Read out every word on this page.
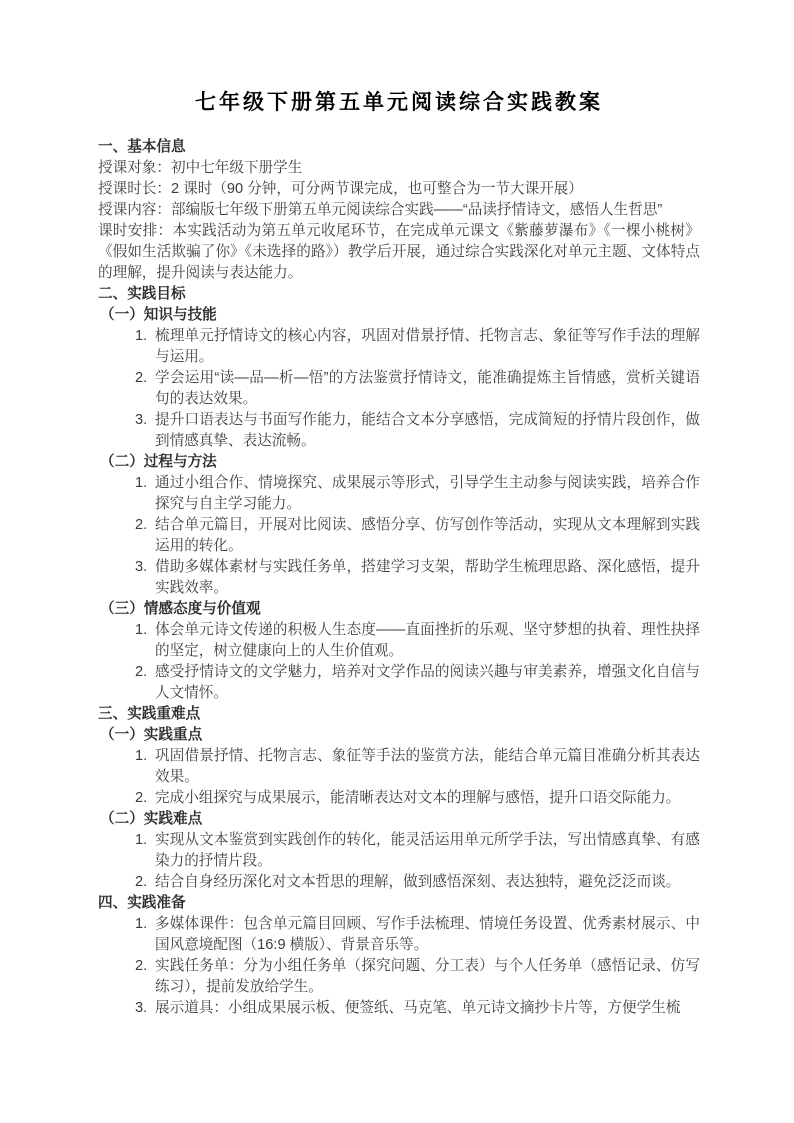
七年级下册第五单元阅读综合实践教案
一、基本信息

授课对象：初中七年级下册学生

授课时长：2 课时（90 分钟，可分两节课完成，也可整合为一节大课开展）

授课内容：部编版七年级下册第五单元阅读综合实践——“品读抒情诗文，感悟人生哲思”

课时安排：本实践活动为第五单元收尾环节，在完成单元课文《紫藤萝瀑布》《一棵小桃树》《假如生活欺骗了你》《未选择的路》）教学后开展，通过综合实践深化对单元主题、文体特点的理解，提升阅读与表达能力。

二、实践目标
（一）知识与技能
1. 梳理单元抒情诗文的核心内容，巩固对借景抒情、托物言志、象征等写作手法的理解与运用。
2. 学会运用“读—品—析—悟”的方法鉴赏抒情诗文，能准确提炼主旨情感，赏析关键语句的表达效果。
3. 提升口语表达与书面写作能力，能结合文本分享感悟，完成简短的抒情片段创作，做到情感真挚、表达流畅。
（二）过程与方法
1. 通过小组合作、情境探究、成果展示等形式，引导学生主动参与阅读实践，培养合作探究与自主学习能力。
2. 结合单元篇目，开展对比阅读、感悟分享、仿写创作等活动，实现从文本理解到实践运用的转化。
3. 借助多媒体素材与实践任务单，搭建学习支架，帮助学生梳理思路、深化感悟，提升实践效率。
（三）情感态度与价值观
1. 体会单元诗文传递的积极人生态度——直面挫折的乐观、坚守梦想的执着、理性抉择的坚定，树立健康向上的人生价值观。
2. 感受抒情诗文的文学魅力，培养对文学作品的阅读兴趣与审美素养，增强文化自信与人文情怀。
三、实践重难点
（一）实践重点
1. 巩固借景抒情、托物言志、象征等手法的鉴赏方法，能结合单元篇目准确分析其表达效果。
2. 完成小组探究与成果展示，能清晰表达对文本的理解与感悟，提升口语交际能力。
（二）实践难点
1. 实现从文本鉴赏到实践创作的转化，能灵活运用单元所学手法，写出情感真挚、有感染力的抒情片段。
2. 结合自身经历深化对文本哲思的理解，做到感悟深刻、表达独特，避免泛泛而谈。
四、实践准备
1. 多媒体课件：包含单元篇目回顾、写作手法梳理、情境任务设置、优秀素材展示、中国风意境配图（16:9 横版）、背景音乐等。
2. 实践任务单：分为小组任务单（探究问题、分工表）与个人任务单（感悟记录、仿写练习），提前发放给学生。
3. 展示道具：小组成果展示板、便签纸、马克笔、单元诗文摘抄卡片等，方便学生梳
